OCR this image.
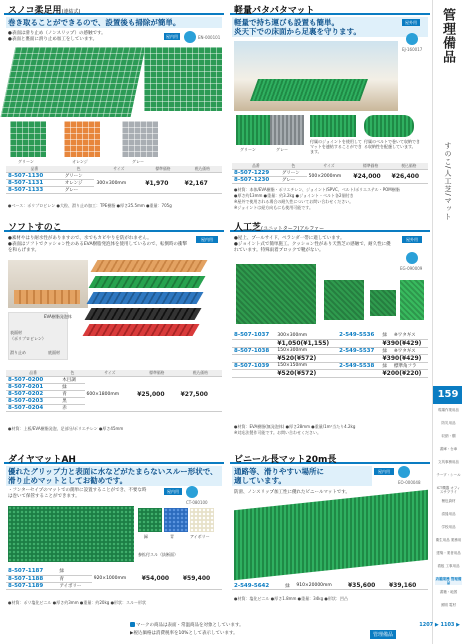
管理備品
すのこ/人工芝/マット
159
現場作業用品
防災用品
収納・棚
書庫・台車
文具事務用品
テープ・シール
ICT機器 オフィスサプライ
梱包資材
清掃用品
学校用品
衛生用品 業務用
建築・業者用品
看板 工事用品
店舗業務 管理備品
書籍・地図
照明 電材
スノコ柔足用(連結式)
巻き取ることができるので、設置後も掃除が簡単。
●表面は滑り止め（ノンスリップ）の感触です。
●表面と裏面に滑り止め加工をしています。
屋内用	EN-000101
グリーン	オレンジ	グレー
品番	色	サイズ	標準価格	税込価格
8-507-1130	グリーン	300×300mm	¥1,970	¥2,167
8-507-1131	オレンジ			
8-507-1133	グレー			
●ベース：ポリプロピレン ●大粒、滑り止め加工：TPE樹脂 ●厚さ25.5mm ●重量：705g
軽量パタパタマット
軽量で持ち運びも設置も簡単。
炎天下での床面から足裏を守ります。
屋外用
EJ-160017
グリーン	グレー
付属のジョイントを使用してマットを連結することができます。
付属のベルトで巻いて収納できる収納性を配慮しています。
品番	色	サイズ	標準価格	税込価格
8-507-1229	グリーン	500×2000mm	¥24,000	¥26,400
8-507-1230	グレー			
●材質：本体/EVA樹脂・ポリエチレン、ジョイント/SPVC、ベルト/ポリエステル・POM樹脂
●厚さ約13mm ●重量：約3.2kg ●ジョイント・ベルト各2個付き
※屋外で使用される場合の耐久性についてお問い合わせください。
※ジョイントは経方向もにも使用可能です。
ソフトすのこ
●素材やはり耐水性がありますので、水でもカビやりを防がれません。
●表面はソフトでクッション性のあるEVA樹脂発泡体を使用しているので、転倒時の衝撃を和らげます。
屋内用
EVA樹脂発泡体
表面材
（ポリプロピレン）
滑り止め	底面材
品番	色	サイズ	標準価格	税込価格
8-507-0200	木目調	600×1800mm	¥25,000	¥27,500
8-507-0201	緑			
8-507-0202	青			
8-507-0203	黒			
8-507-0204	赤			
●材質：上板/EVA樹脂発泡、足部分/ポリエチレン ●厚さ45mm
人工芝(ユニットターフ)アルファー
●屋上、プールサイド、ベランダ一帯に適しています。
●ジョイント式で簡単施工。クッション性があり天然芝の感触で、耐久性に優れています。特殊雨着ブロックで靴がない。
屋外用
EG-090009
8-507-1037	300×300mm	2-549-5536	緑	※ワタギス
	¥1,050(¥1,155)		¥390(¥429)	
8-507-1038	150×300mm	2-549-5537	緑	※ワタギス
	¥520(¥572)		¥390(¥429)	
8-507-1039	150×150mm	2-549-5538	緑	標準角フラ
	¥520(¥572)		¥200(¥220)	
●材質：EVA樹脂(無発泡体) ●厚さ28mm ●重量/1m²当たり4.2kg
※対応法製作可能です。お問い合わせください。
ダイヤマットAH
優れたグリップ力と表面に水などがたまらないスルー形状で、滑り止めマットとしてお勧めです。
・フンターセイプのマットでの簡単に設置することができ、不要な時は巻いて保管することができます。
屋内用
CT-080100
緑	青	アイボリー
参拡付スル（抜断面）
8-507-1187	緑	920×1000mm	¥54,000	¥59,400
8-507-1188	青			
8-507-1189	アイボリー			
●材質：ポリ塩化ビニル ●厚さ約3mm ●重量：約20kg ●形状：スルー形状
ビニール長マット20m長
通路等、滑りやすい場所に
適しています。
防滑、ノンスリップ加工性に優れたビニールマットです。
屋内用
EO-000048
2-549-5642	緑	910×20000mm	¥35,600	¥39,160
●材質：塩化ビニル ●厚さ1.8mm ●重量：34kg ●形状：凹凸
マークの商品は表面・常温商品を対象としています。
▶税込価格は消費税率を10%として表示しています。
1207 ▶ 1103 ▶
管理備品
